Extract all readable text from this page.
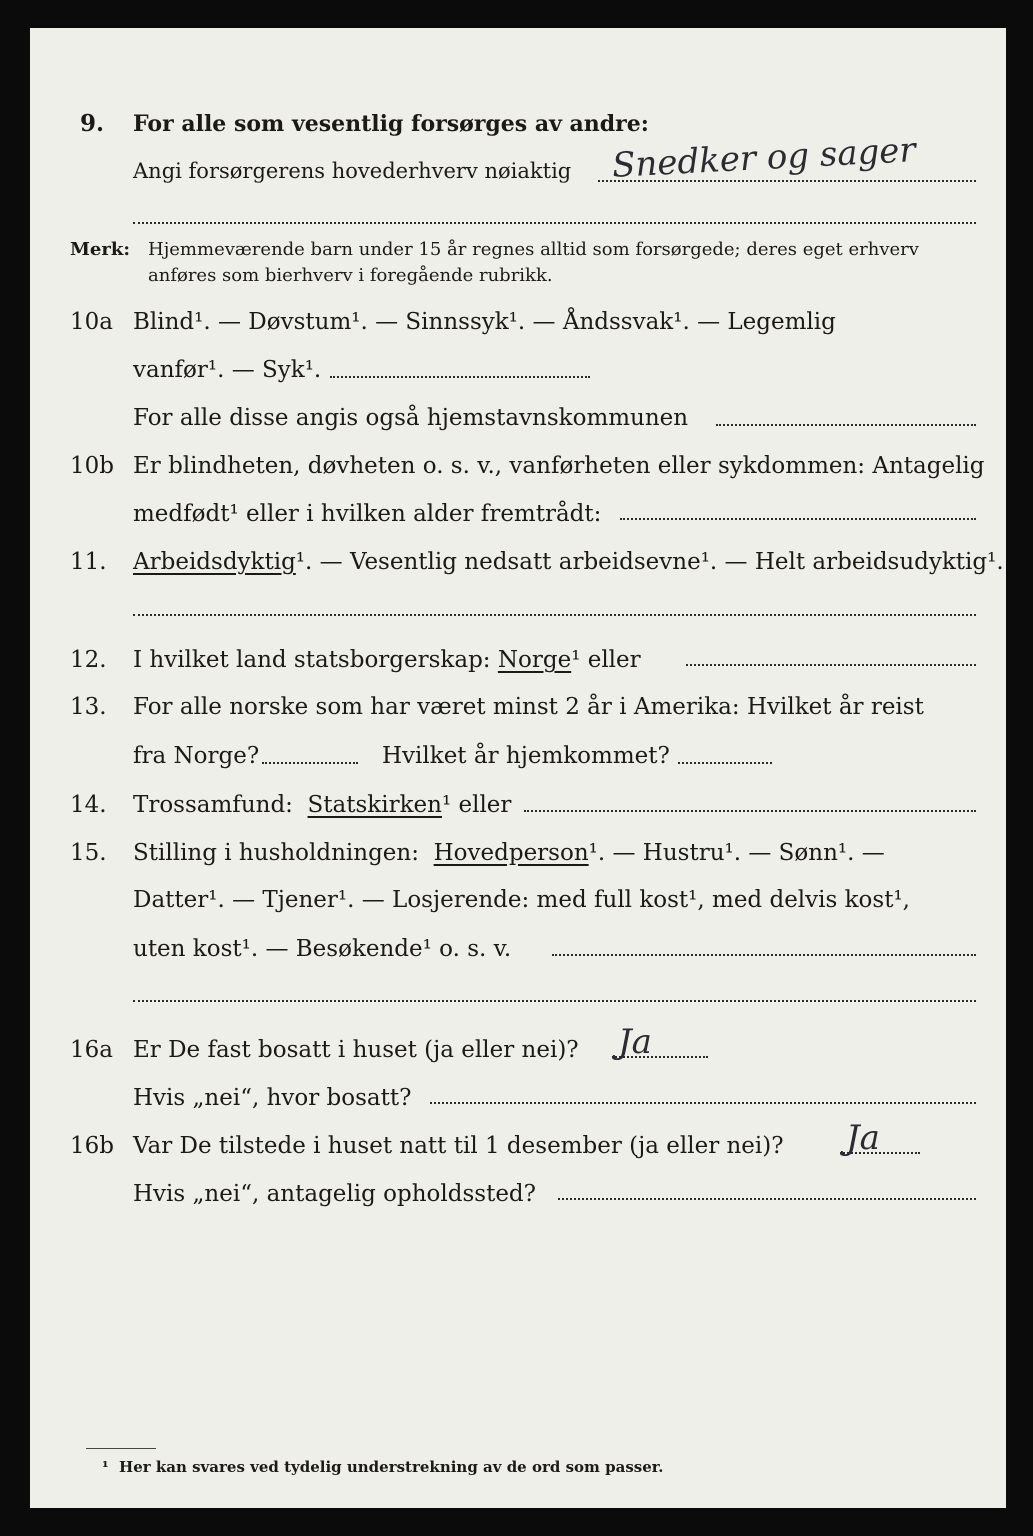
9. For alle som vesentlig forsørges av andre:
Angi forsørgerens hovederhverv nøiaktig Snedker og sager
Merk: Hjemmeværende barn under 15 år regnes alltid som forsørgede; deres eget erhverv
anføres som bierhverv i foregående rubrikk.
10a Blind¹. — Døvstum¹. — Sinnssyk¹. — Åndssvak¹. — Legemlig
vanfør¹. — Syk¹.
For alle disse angis også hjemstavnskommunen
10b Er blindheten, døvheten o. s. v., vanførheten eller sykdommen: Antagelig
medfødt¹ eller i hvilken alder fremtrådt:
11. Arbeidsdyktig¹. — Vesentlig nedsatt arbeidsevne¹. — Helt arbeidsudyktig¹.
12. I hvilket land statsborgerskap: Norge¹ eller
13. For alle norske som har været minst 2 år i Amerika: Hvilket år reist
fra Norge?	Hvilket år hjemkommet?
14. Trossamfund: Statskirken¹ eller
15. Stilling i husholdningen: Hovedperson¹. — Hustru¹. — Sønn¹. —
Datter¹. — Tjener¹. — Losjerende: med full kost¹, med delvis kost¹,
uten kost¹. — Besøkende¹ o. s. v.
16a Er De fast bosatt i huset (ja eller nei)? Ja
Hvis „nei“, hvor bosatt?
16b Var De tilstede i huset natt til 1 desember (ja eller nei)? Ja
Hvis „nei“, antagelig opholdssted?
¹ Her kan svares ved tydelig understrekning av de ord som passer.
